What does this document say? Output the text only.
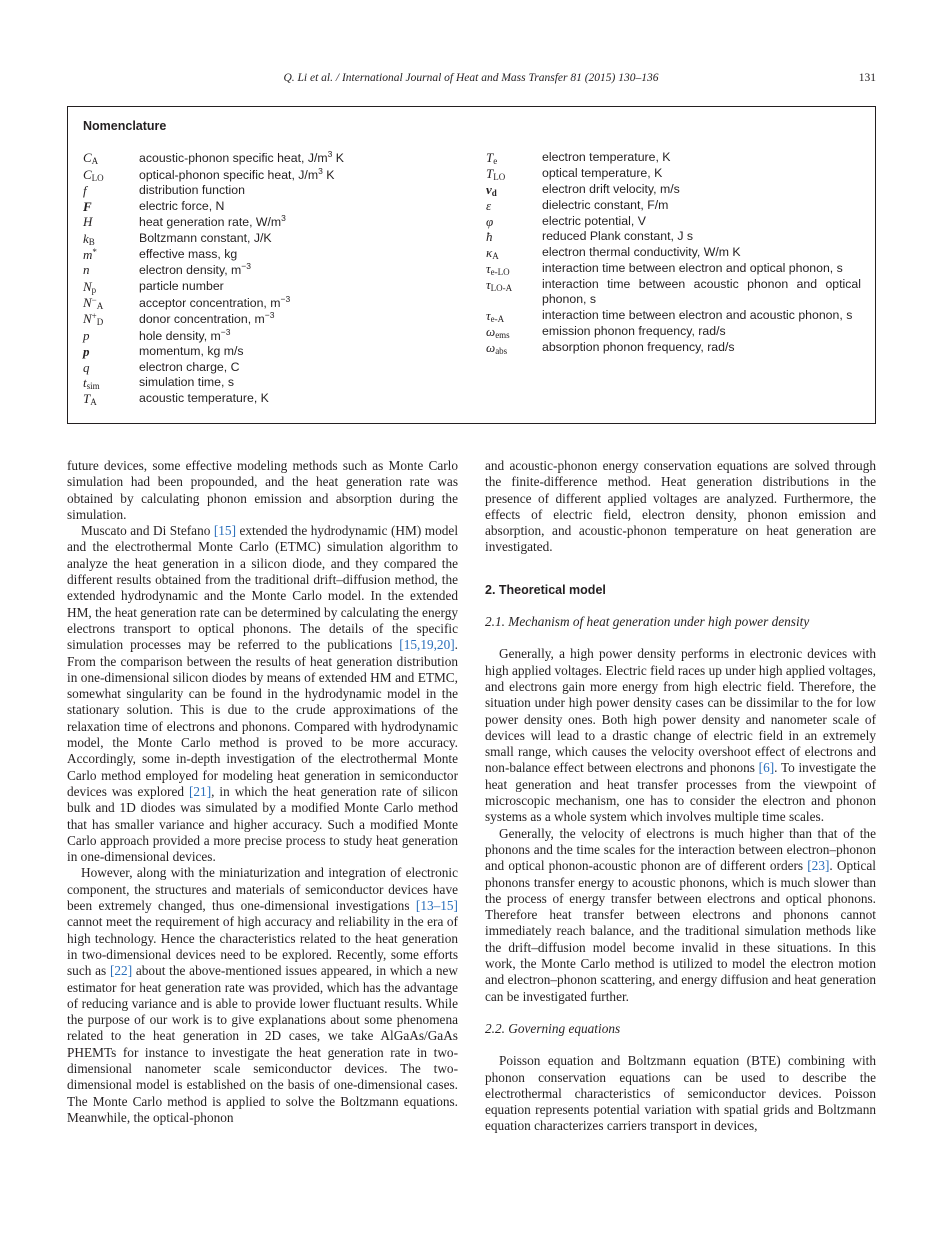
Q. Li et al. / International Journal of Heat and Mass Transfer 81 (2015) 130–136	131
Nomenclature
$C_A$	acoustic-phonon specific heat, $J/m^3$ K
$C_{LO}$	optical-phonon specific heat, $J/m^3$ K
f	distribution function
F	electric force, N
H	heat generation rate, $W/m^3$
$k_B$	Boltzmann constant, J/K
m*	effective mass, kg
n	electron density, $m^{-3}$
$N_p$	particle number
$N^-_A$	acceptor concentration, $m^{-3}$
$N^+_D$	donor concentration, $m^{-3}$
p	hole density, $m^{-3}$
p	momentum, kg m/s
q	electron charge, C
$t_{sim}$	simulation time, s
$T_A$	acoustic temperature, K
$T_e$	electron temperature, K
$T_{LO}$	optical temperature, K
$v_d$	electron drift velocity, m/s
ε	dielectric constant, F/m
φ	electric potential, V
ħ	reduced Plank constant, J s
$\kappa_A$	electron thermal conductivity, W/m K
$\tau_{e-LO}$	interaction time between electron and optical phonon, s
$\tau_{LO-A}$	interaction time between acoustic phonon and optical phonon, s
$\tau_{e-A}$	interaction time between electron and acoustic phonon, s
$\omega_{ems}$	emission phonon frequency, rad/s
$\omega_{abs}$	absorption phonon frequency, rad/s

future devices, some effective modeling methods such as Monte Carlo simulation had been propounded, and the heat generation rate was obtained by calculating phonon emission and absorption during the simulation.

Muscato and Di Stefano [15] extended the hydrodynamic (HM) model and the electrothermal Monte Carlo (ETMC) simulation algorithm to analyze the heat generation in a silicon diode, and they compared the different results obtained from the traditional drift–diffusion method, the extended hydrodynamic and the Monte Carlo model. In the extended HM, the heat generation rate can be determined by calculating the energy electrons transport to optical phonons. The details of the specific simulation processes may be referred to the publications [15,19,20]. From the comparison between the results of heat generation distribution in one-dimensional silicon diodes by means of extended HM and ETMC, somewhat singularity can be found in the hydrodynamic model in the stationary solution. This is due to the crude approximations of the relaxation time of electrons and phonons. Compared with hydrodynamic model, the Monte Carlo method is proved to be more accuracy. Accordingly, some in-depth investigation of the electrothermal Monte Carlo method employed for modeling heat generation in semiconductor devices was explored [21], in which the heat generation rate of silicon bulk and 1D diodes was simulated by a modified Monte Carlo method that has smaller variance and higher accuracy. Such a modified Monte Carlo approach provided a more precise process to study heat generation in one-dimensional devices.

However, along with the miniaturization and integration of electronic component, the structures and materials of semiconductor devices have been extremely changed, thus one-dimensional investigations [13–15] cannot meet the requirement of high accuracy and reliability in the era of high technology. Hence the characteristics related to the heat generation in two-dimensional devices need to be explored. Recently, some efforts such as [22] about the above-mentioned issues appeared, in which a new estimator for heat generation rate was provided, which has the advantage of reducing variance and is able to provide lower fluctuant results. While the purpose of our work is to give explanations about some phenomena related to the heat generation in 2D cases, we take AlGaAs/GaAs PHEMTs for instance to investigate the heat generation rate in two-dimensional nanometer scale semiconductor devices. The two-dimensional model is established on the basis of one-dimensional cases. The Monte Carlo method is applied to solve the Boltzmann equations. Meanwhile, the optical-phonon

and acoustic-phonon energy conservation equations are solved through the finite-difference method. Heat generation distributions in the presence of different applied voltages are analyzed. Furthermore, the effects of electric field, electron density, phonon emission and absorption, and acoustic-phonon temperature on heat generation are investigated.

2. Theoretical model
2.1. Mechanism of heat generation under high power density

Generally, a high power density performs in electronic devices with high applied voltages. Electric field races up under high applied voltages, and electrons gain more energy from high electric field. Therefore, the situation under high power density cases can be dissimilar to the for low power density ones. Both high power density and nanometer scale of devices will lead to a drastic change of electric field in an extremely small range, which causes the velocity overshoot effect of electrons and non-balance effect between electrons and phonons [6]. To investigate the heat generation and heat transfer processes from the viewpoint of microscopic mechanism, one has to consider the electron and phonon systems as a whole system which involves multiple time scales.

Generally, the velocity of electrons is much higher than that of the phonons and the time scales for the interaction between electron–phonon and optical phonon-acoustic phonon are of different orders [23]. Optical phonons transfer energy to acoustic phonons, which is much slower than the process of energy transfer between electrons and optical phonons. Therefore heat transfer between electrons and phonons cannot immediately reach balance, and the traditional simulation methods like the drift–diffusion model become invalid in these situations. In this work, the Monte Carlo method is utilized to model the electron motion and electron–phonon scattering, and energy diffusion and heat generation can be investigated further.

2.2. Governing equations

Poisson equation and Boltzmann equation (BTE) combining with phonon conservation equations can be used to describe the electrothermal characteristics of semiconductor devices. Poisson equation represents potential variation with spatial grids and Boltzmann equation characterizes carriers transport in devices,
